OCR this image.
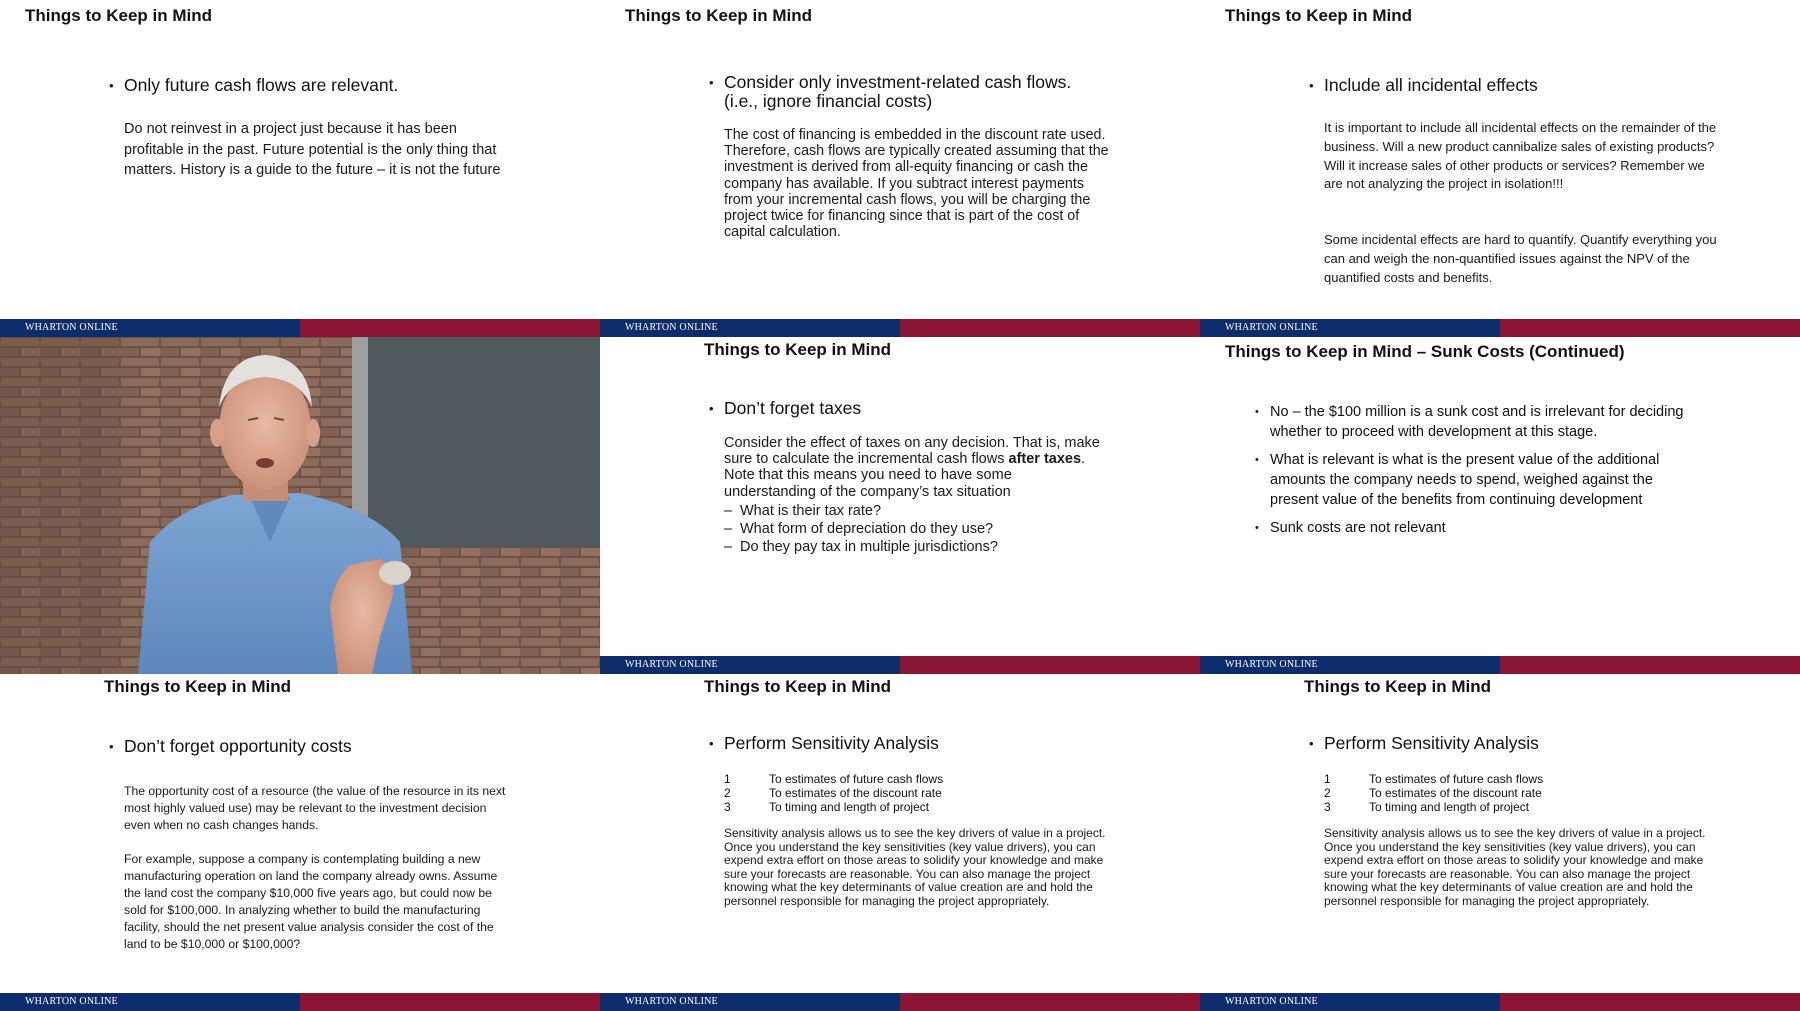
Things to Keep in Mind
• Only future cash flows are relevant.
Do not reinvest in a project just because it has been profitable in the past. Future potential is the only thing that matters. History is a guide to the future – it is not the future
WHARTON ONLINE
Things to Keep in Mind
• Consider only investment-related cash flows. (i.e., ignore financial costs)
The cost of financing is embedded in the discount rate used. Therefore, cash flows are typically created assuming that the investment is derived from all-equity financing or cash the company has available. If you subtract interest payments from your incremental cash flows, you will be charging the project twice for financing since that is part of the cost of capital calculation.
WHARTON ONLINE
Things to Keep in Mind
• Include all incidental effects
It is important to include all incidental effects on the remainder of the business. Will a new product cannibalize sales of existing products? Will it increase sales of other products or services? Remember we are not analyzing the project in isolation!!!
Some incidental effects are hard to quantify. Quantify everything you can and weigh the non-quantified issues against the NPV of the quantified costs and benefits.
WHARTON ONLINE
Things to Keep in Mind
• Don’t forget taxes
Consider the effect of taxes on any decision. That is, make sure to calculate the incremental cash flows after taxes. Note that this means you need to have some understanding of the company’s tax situation
– What is their tax rate?
– What form of depreciation do they use?
– Do they pay tax in multiple jurisdictions?
WHARTON ONLINE
Things to Keep in Mind – Sunk Costs (Continued)
• No – the $100 million is a sunk cost and is irrelevant for deciding whether to proceed with development at this stage.
• What is relevant is what is the present value of the additional amounts the company needs to spend, weighed against the present value of the benefits from continuing development
• Sunk costs are not relevant
WHARTON ONLINE
Things to Keep in Mind
• Don’t forget opportunity costs
The opportunity cost of a resource (the value of the resource in its next most highly valued use) may be relevant to the investment decision even when no cash changes hands.
For example, suppose a company is contemplating building a new manufacturing operation on land the company already owns. Assume the land cost the company $10,000 five years ago, but could now be sold for $100,000. In analyzing whether to build the manufacturing facility, should the net present value analysis consider the cost of the land to be $10,000 or $100,000?
WHARTON ONLINE
Things to Keep in Mind
• Perform Sensitivity Analysis
1	To estimates of future cash flows
2	To estimates of the discount rate
3	To timing and length of project
Sensitivity analysis allows us to see the key drivers of value in a project. Once you understand the key sensitivities (key value drivers), you can expend extra effort on those areas to solidify your knowledge and make sure your forecasts are reasonable. You can also manage the project knowing what the key determinants of value creation are and hold the personnel responsible for managing the project appropriately.
WHARTON ONLINE
Things to Keep in Mind
• Perform Sensitivity Analysis
1	To estimates of future cash flows
2	To estimates of the discount rate
3	To timing and length of project
Sensitivity analysis allows us to see the key drivers of value in a project. Once you understand the key sensitivities (key value drivers), you can expend extra effort on those areas to solidify your knowledge and make sure your forecasts are reasonable. You can also manage the project knowing what the key determinants of value creation are and hold the personnel responsible for managing the project appropriately.
WHARTON ONLINE
